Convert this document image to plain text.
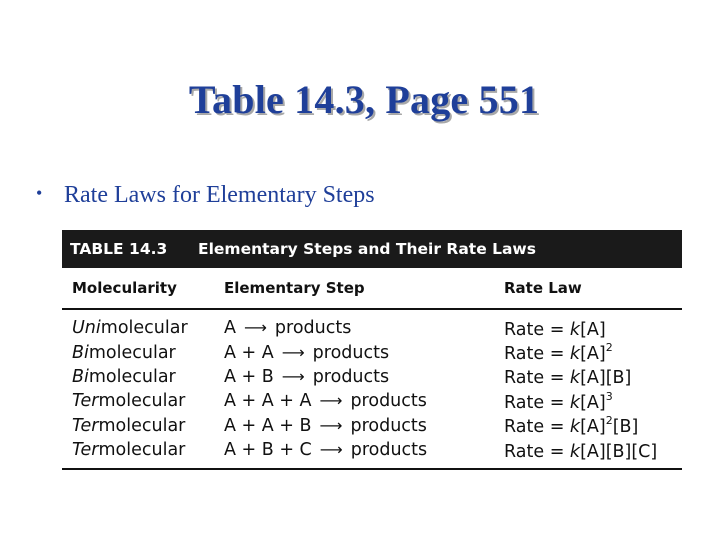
Table 14.3, Page 551
• Rate Laws for Elementary Steps
TABLE 14.3	Elementary Steps and Their Rate Laws
Molecularity	Elementary Step	Rate Law
Unimolecular	A ⟶ products	Rate = k[A]
Bimolecular	A + A ⟶ products	Rate = $k[A]^2$
Bimolecular	A + B ⟶ products	Rate = k[A][B]
Termolecular	A + A + A ⟶ products	Rate = $k[A]^3$
Termolecular	A + A + B ⟶ products	Rate = $k[A]^2[B]$
Termolecular	A + B + C ⟶ products	Rate = k[A][B][C]
